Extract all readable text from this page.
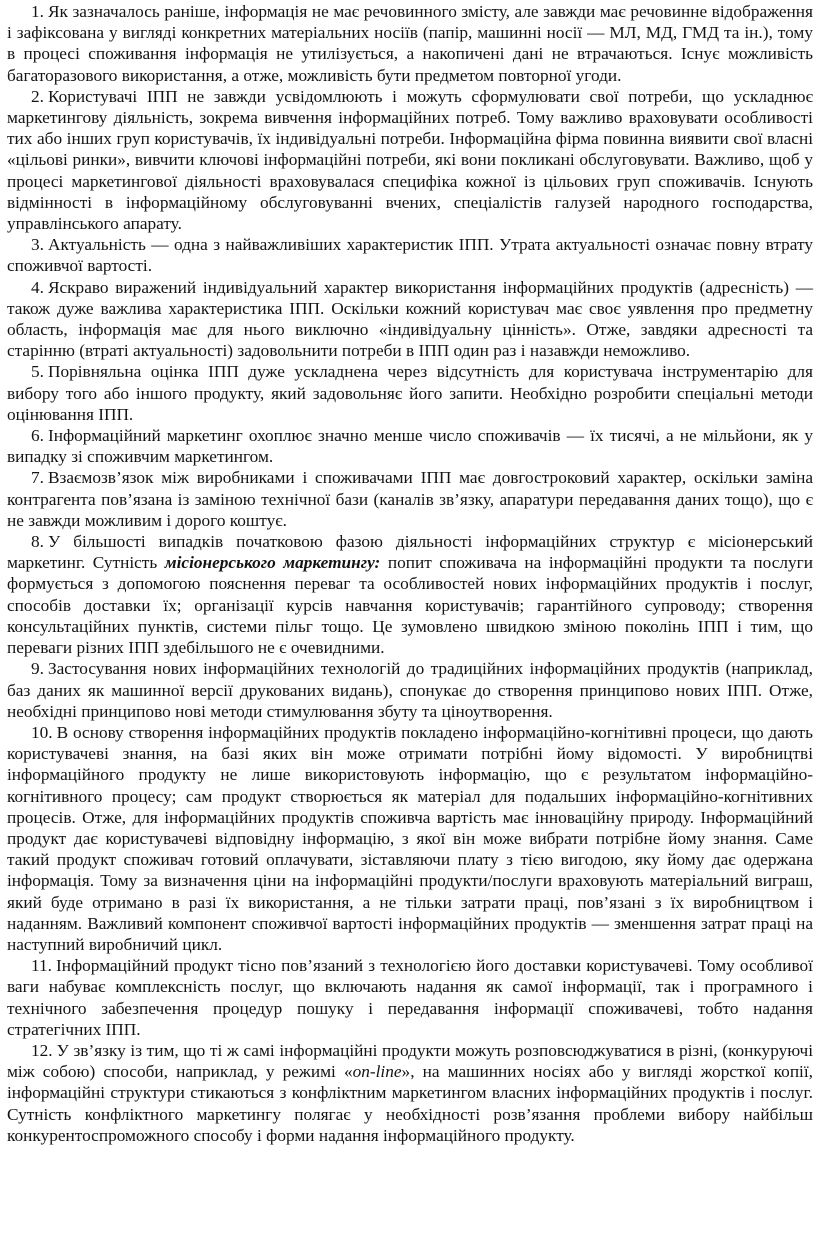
1. Як зазначалось раніше, інформація не має речовинного змісту, але завжди має речовинне відображення і зафіксована у вигляді конкретних матеріальних носіїв (папір, машинні носії — МЛ, МД, ГМД та ін.), тому в процесі споживання інформація не утилізується, а накопичені дані не втрачаються. Існує можливість багаторазового використання, а отже, можливість бути предметом повторної угоди.

2. Користувачі ІПП не завжди усвідомлюють і можуть сформулювати свої потреби, що ускладнює маркетингову діяльність, зокрема вивчення інформаційних потреб. Тому важливо враховувати особливості тих або інших груп користувачів, їх індивідуальні потреби. Інформаційна фірма повинна виявити свої власні «цільові ринки», вивчити ключові інформаційні потреби, які вони покликані обслуговувати. Важливо, щоб у процесі маркетингової діяльності враховувалася специфіка кожної із цільових груп споживачів. Існують відмінності в інформаційному обслуговуванні вчених, спеціалістів галузей народного господарства, управлінського апарату.

3. Актуальність — одна з найважливіших характеристик ІПП. Утрата актуальності означає повну втрату споживчої вартості.

4. Яскраво виражений індивідуальний характер використання інформаційних продуктів (адресність) — також дуже важлива характеристика ІПП. Оскільки кожний користувач має своє уявлення про предметну область, інформація має для нього виключно «індивідуальну цінність». Отже, завдяки адресності та старінню (втраті актуальності) задовольнити потреби в ІПП один раз і назавжди неможливо.

5. Порівняльна оцінка ІПП дуже ускладнена через відсутність для користувача інструментарію для вибору того або іншого продукту, який задовольняє його запити. Необхідно розробити спеціальні методи оцінювання ІПП.

6. Інформаційний маркетинг охоплює значно менше число споживачів — їх тисячі, а не мільйони, як у випадку зі споживчим маркетингом.

7. Взаємозв’язок між виробниками і споживачами ІПП має довгостроковий характер, оскільки заміна контрагента пов’язана із заміною технічної бази (каналів зв’язку, апаратури передавання даних тощо), що є не завжди можливим і дорого коштує.

8. У більшості випадків початковою фазою діяльності інформаційних структур є місіонерський маркетинг. Сутність місіонерського маркетингу: попит споживача на інформаційні продукти та послуги формується з допомогою пояснення переваг та особливостей нових інформаційних продуктів і послуг, способів доставки їх; організації курсів навчання користувачів; гарантійного супроводу; створення консультаційних пунктів, системи пільг тощо. Це зумовлено швидкою зміною поколінь ІПП і тим, що переваги різних ІПП здебільшого не є очевидними.

9. Застосування нових інформаційних технологій до традиційних інформаційних продуктів (наприклад, баз даних як машинної версії друкованих видань), спонукає до створення принципово нових ІПП. Отже, необхідні принципово нові методи стимулювання збуту та ціноутворення.

10. В основу створення інформаційних продуктів покладено інформаційно-когнітивні процеси, що дають користувачеві знання, на базі яких він може отримати потрібні йому відомості. У виробництві інформаційного продукту не лише використовують інформацію, що є результатом інформаційно-когнітивного процесу; сам продукт створюється як матеріал для подальших інформаційно-когнітивних процесів. Отже, для інформаційних продуктів споживча вартість має інноваційну природу. Інформаційний продукт дає користувачеві відповідну інформацію, з якої він може вибрати потрібне йому знання. Саме такий продукт споживач готовий оплачувати, зіставляючи плату з тією вигодою, яку йому дає одержана інформація. Тому за визначення ціни на інформаційні продукти/послуги враховують матеріальний виграш, який буде отримано в разі їх використання, а не тільки затрати праці, пов’язані з їх виробництвом і наданням. Важливий компонент споживчої вартості інформаційних продуктів — зменшення затрат праці на наступний виробничий цикл.

11. Інформаційний продукт тісно пов’язаний з технологією його доставки користувачеві. Тому особливої ваги набуває комплексність послуг, що включають надання як самої інформації, так і програмного і технічного забезпечення процедур пошуку і передавання інформації споживачеві, тобто надання стратегічних ІПП.

12. У зв’язку із тим, що ті ж самі інформаційні продукти можуть розповсюджуватися в різні, (конкуруючі між собою) способи, наприклад, у режимі «on-line», на машинних носіях або у вигляді жорсткої копії, інформаційні структури стикаються з конфліктним маркетингом власних інформаційних продуктів і послуг. Сутність конфліктного маркетингу полягає у необхідності розв’язання проблеми вибору найбільш конкурентоспроможного способу і форми надання інформаційного продукту.
